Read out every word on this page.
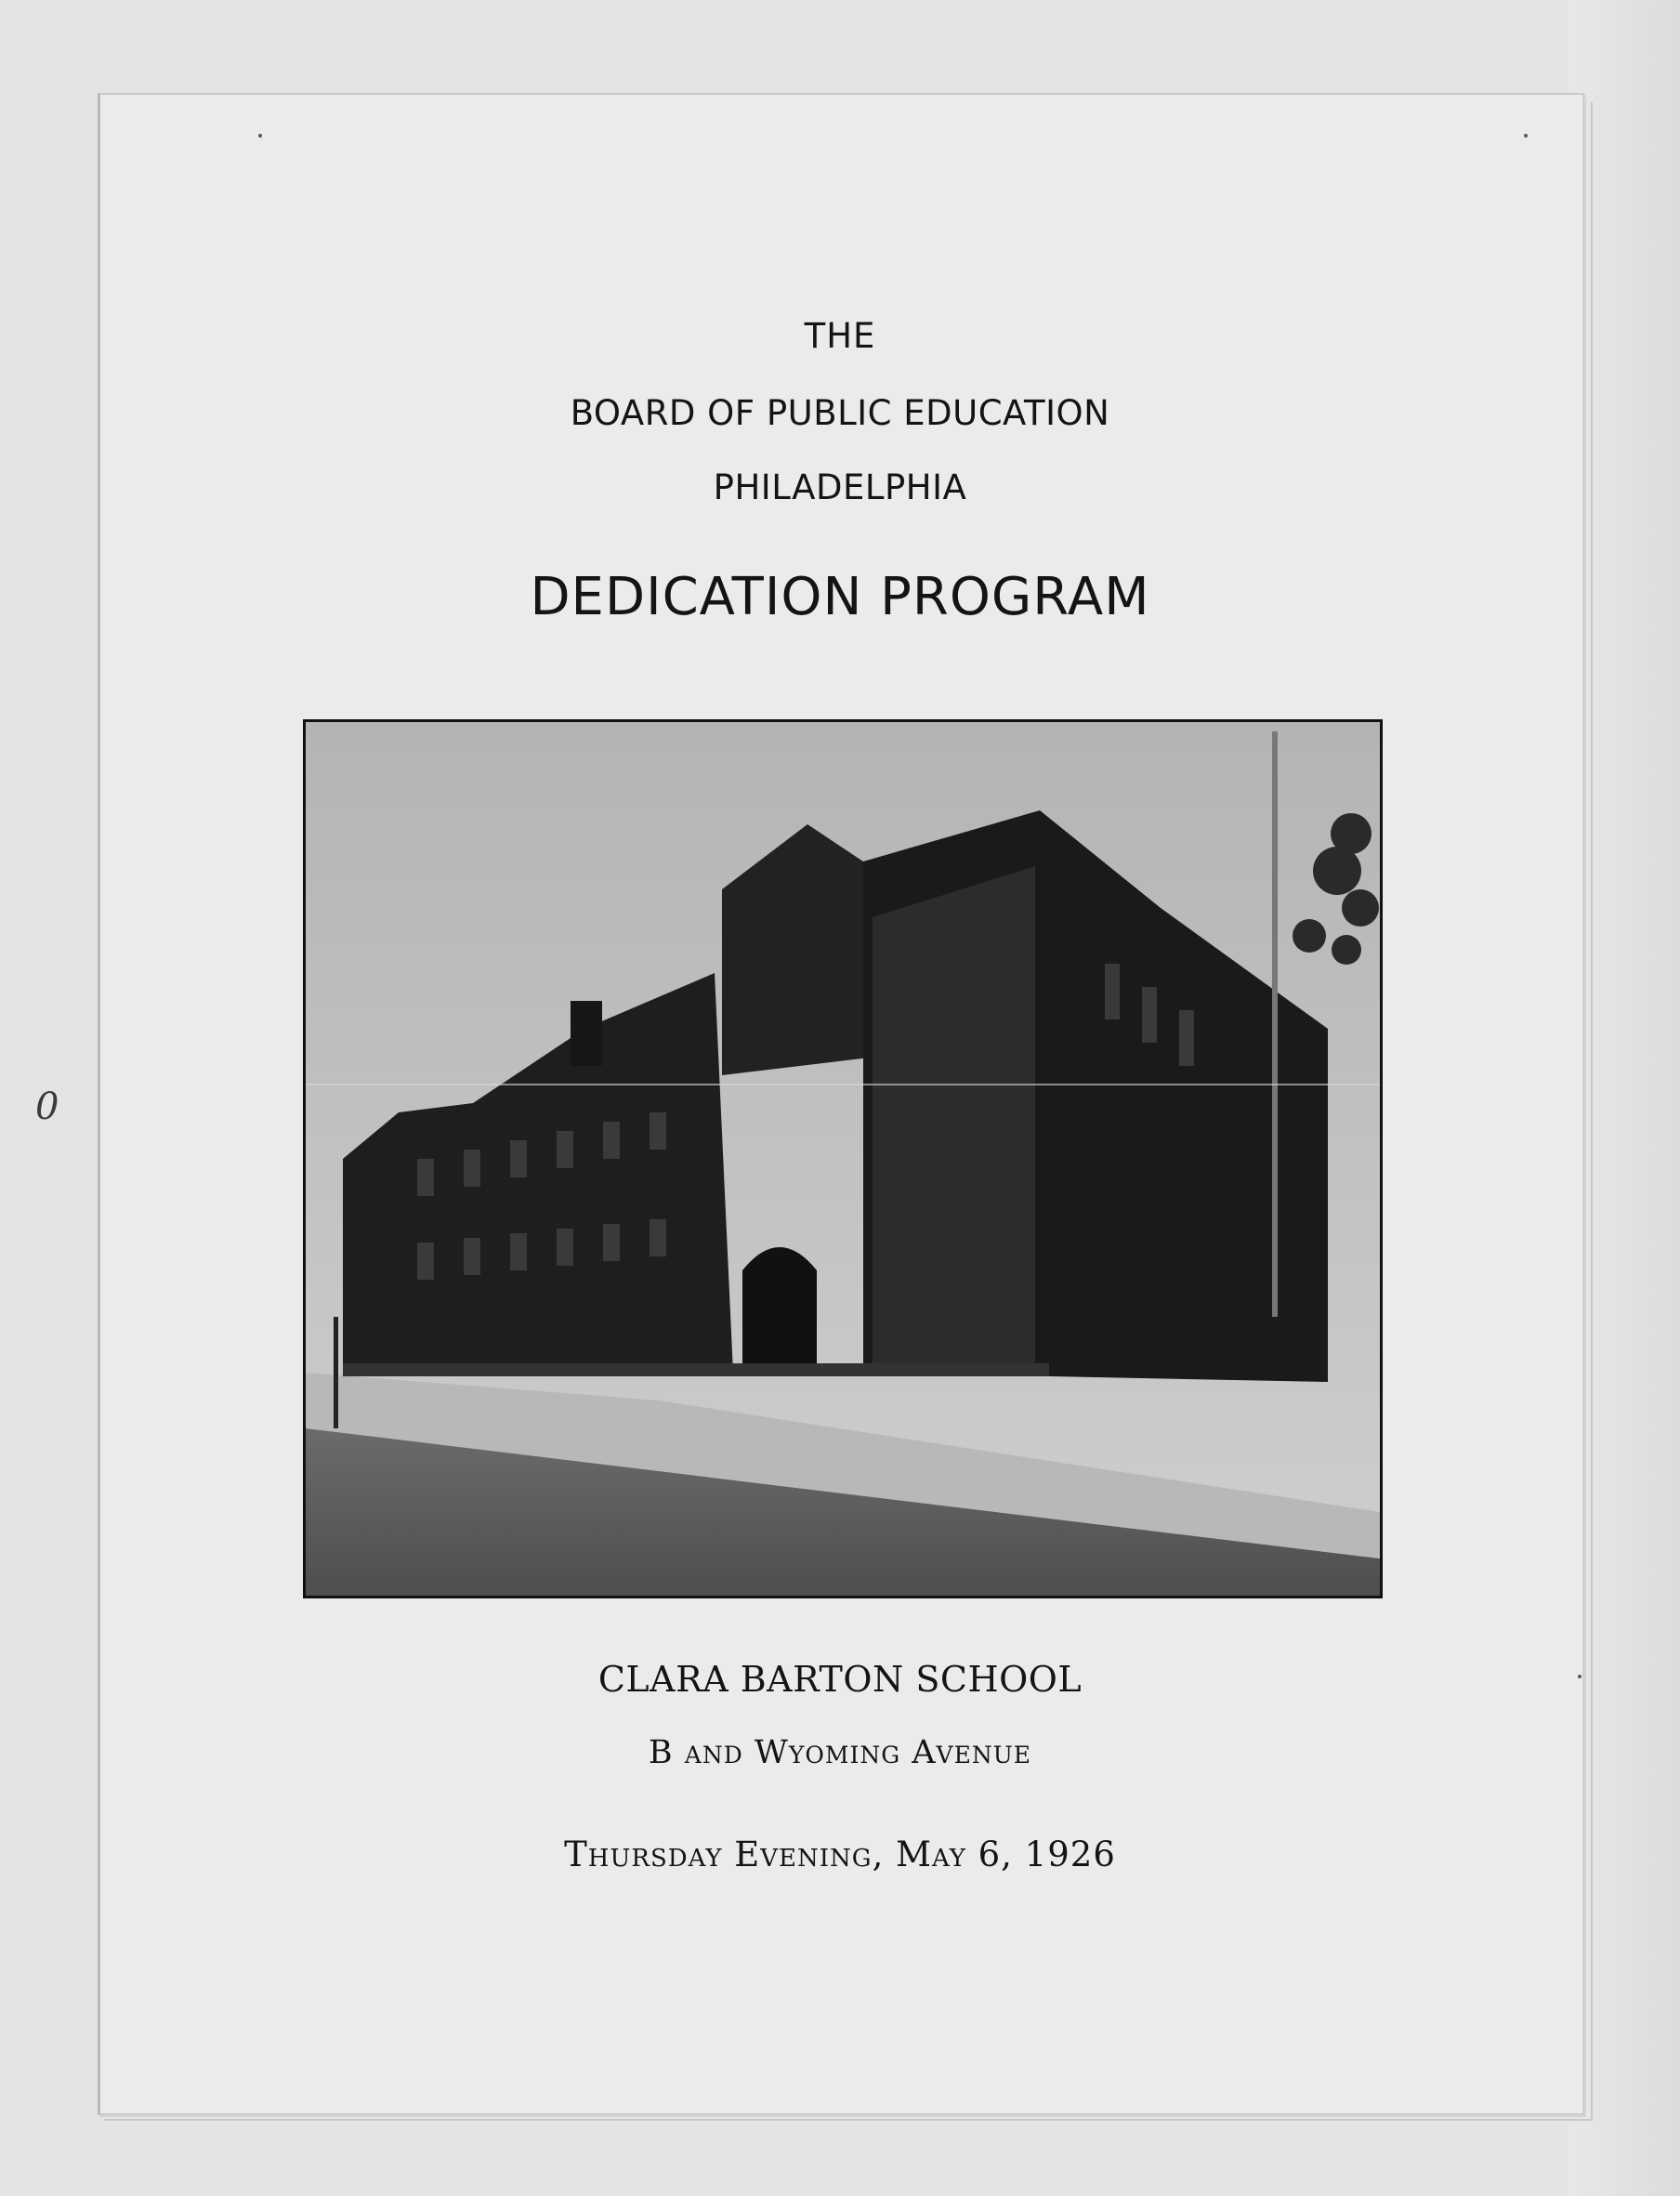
0
THE
BOARD OF PUBLIC EDUCATION
PHILADELPHIA
DEDICATION PROGRAM
CLARA BARTON SCHOOL
B and Wyoming Avenue
Thursday Evening, May 6, 1926
